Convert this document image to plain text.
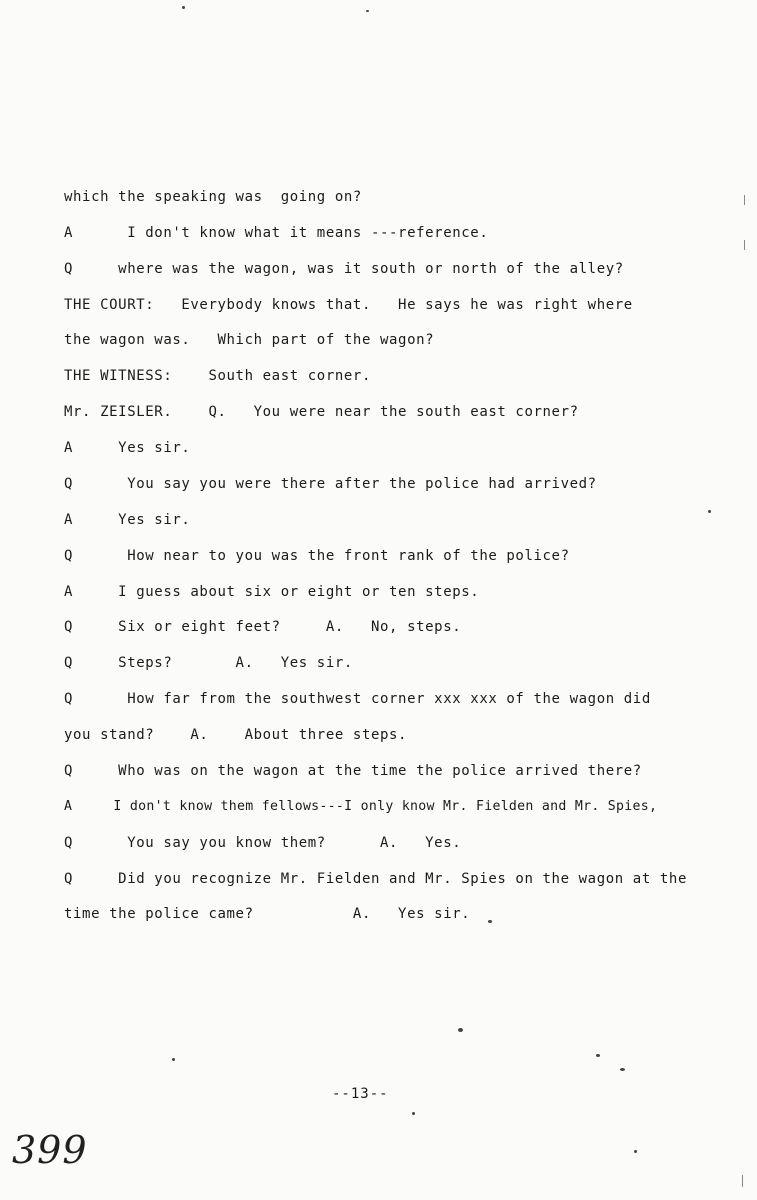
which the speaking was  going on?
A      I don't know what it means ---reference.
Q     where was the wagon, was it south or north of the alley?
THE COURT:   Everybody knows that.   He says he was right where
the wagon was.   Which part of the wagon?
THE WITNESS:    South east corner.
Mr. ZEISLER.    Q.   You were near the south east corner?
A     Yes sir.
Q      You say you were there after the police had arrived?
A     Yes sir.
Q      How near to you was the front rank of the police?
A     I guess about six or eight or ten steps.
Q     Six or eight feet?     A.   No, steps.
Q     Steps?       A.   Yes sir.
Q      How far from the southwest corner xxx xxx of the wagon did
you stand?    A.    About three steps.
Q     Who was on the wagon at the time the police arrived there?
A     I don't know them fellows---I only know Mr. Fielden and Mr. Spies,
Q      You say you know them?      A.   Yes.
Q     Did you recognize Mr. Fielden and Mr. Spies on the wagon at the
time the police came?           A.   Yes sir.
--13--
399
